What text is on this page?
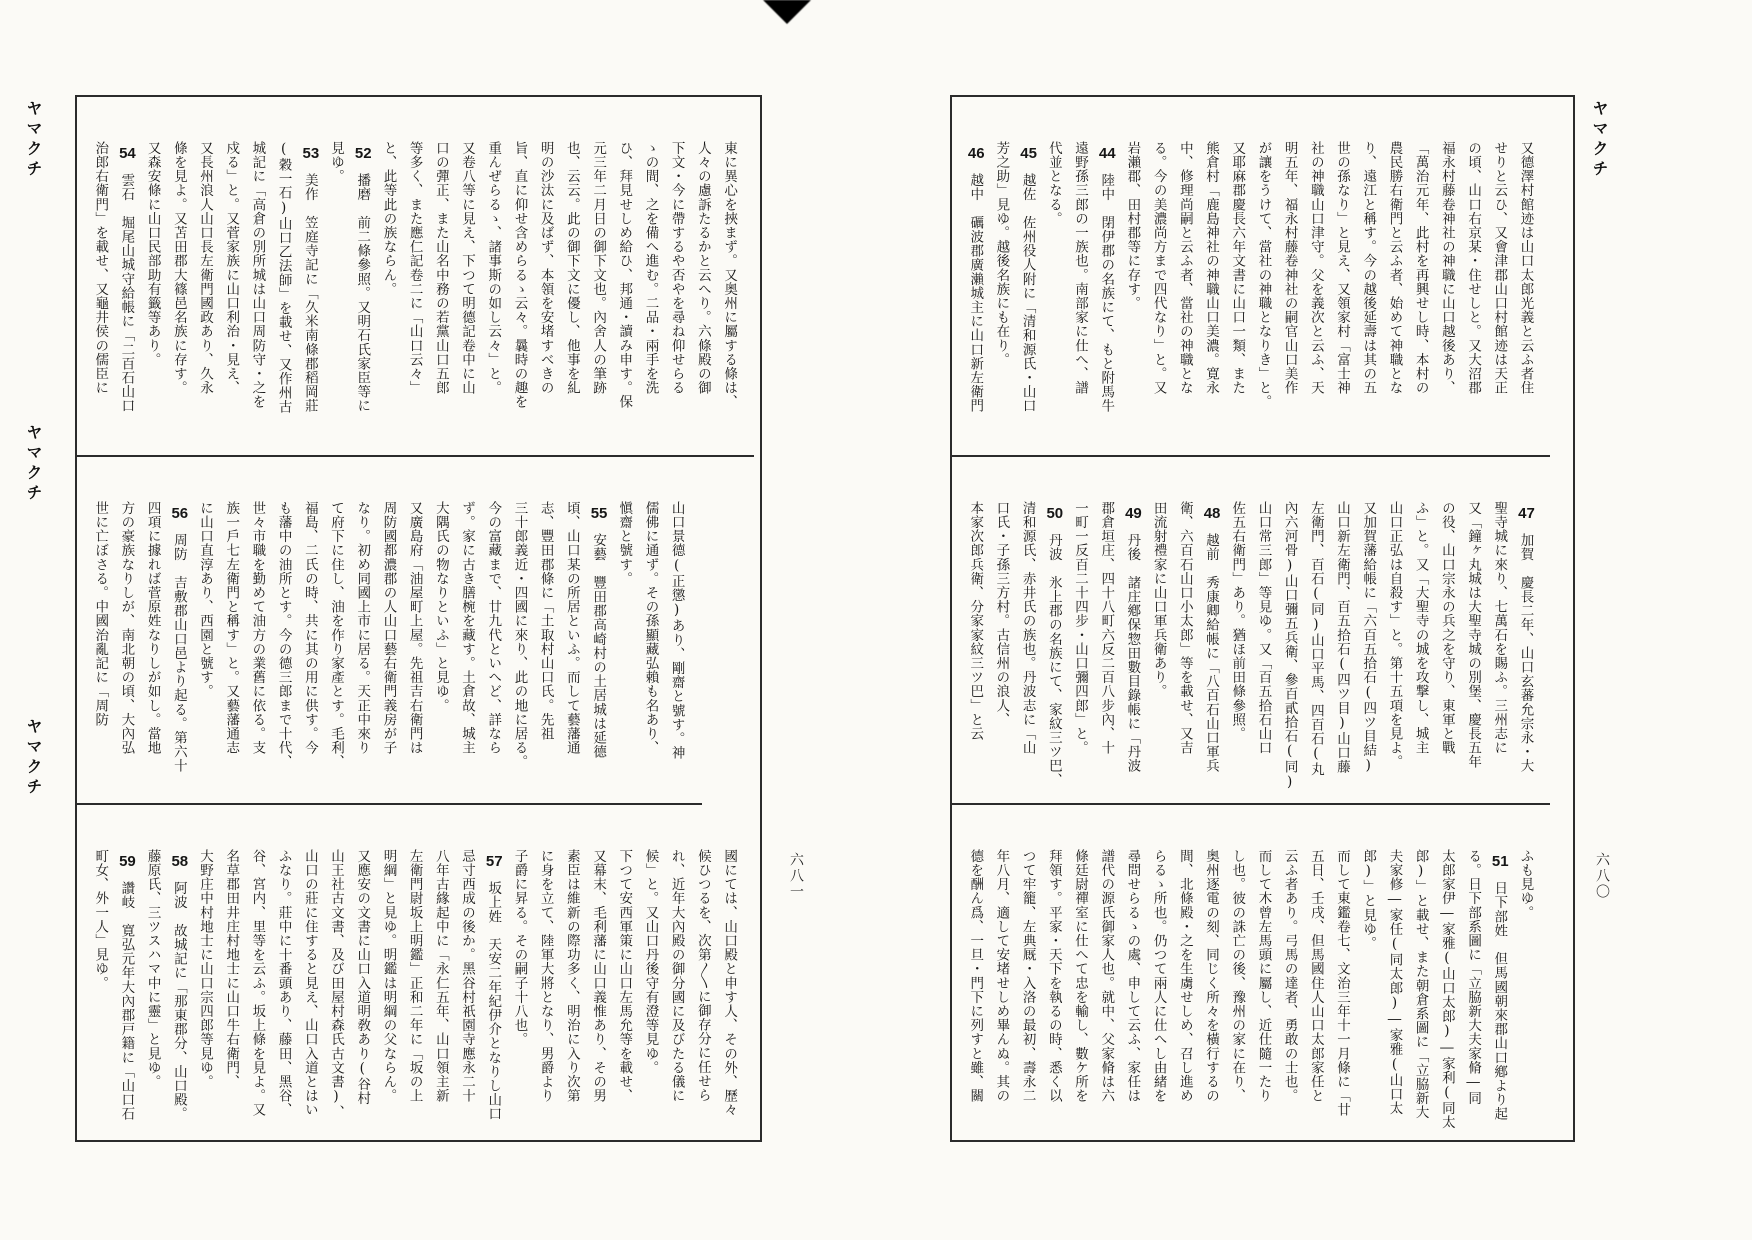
東に異心を挾まず。又奥州に屬する條は、
人々の慮訴たるかと云へり。六條殿の御
下文・今に帶するや否やを尋ね仰せらる
ゝの間、之を備へ進む。二品・兩手を洗
ひ、拜見せしめ給ひ、邦通・讀み申す。保
元三年二月日の御下文也。內舍人の筆跡
也、云云。此の御下文に優し、他事を糺
明の沙汰に及ばず、本領を安堵すべきの
旨、直に仰せ含めらるゝ云々。曩時の趣を
重んぜらるゝ、諸事斯の如し云々」と。
又卷八等に見え、下つて明德記卷中に山
口の彈正、また山名中務の若黨山口五郎
等多く、また應仁記卷二に「山口云々」
と、此等此の族ならん。
52播磨　前二條參照。又明石氏家臣等に
見ゆ。
53美作　笠庭寺記に「久米南條郡稻岡莊
(穀一石)山口乙法師」を載せ、又作州古
城記に「高倉の別所城は山口周防守・之を
戍る」と。又菅家族に山口利治・見え、
又長州浪人山口長左衛門國政あり、久永
條を見よ。又苫田郡大篠邑名族に存す。
又森安條に山口民部助有籤等あり。
54雲石　堀尾山城守給帳に「二百石山口
治郎右衛門」を載せ、又龜井侯の儒臣に
山口景德(正懲)あり、剛齋と號す。神
儒佛に通ず。その孫顯藏弘賴も名あり、
愼齋と號す。
55安藝　豐田郡高崎村の土居城は延德
頃、山口某の所居といふ。而して藝藩通
志、豐田郡條に「土取村山口氏。先祖
三十郎義近・四國に來り、此の地に居る。
今の富藏まで、廿九代といへど、詳なら
ず。家に古き膳椀を藏す。土倉故、城主
大隅氏の物なりといふ」と見ゆ。
又廣島府「油屋町上屋。先祖吉右衛門は
周防國都濃郡の人山口藝右衛門義房が子
なり。初め同國上市に居る。天正中來り
て府下に住し、油を作り家產とす。毛利、
福島、二氏の時、共に其の用に供す。今
も藩中の油所とす。今の德三郎まで十代、
世々市職を勤めて油方の業舊に依る。支
族一戶七左衛門と稱す」と。又藝藩通志
に山口直淳あり、西園と號す。
56周防　吉敷郡山口邑より起る。第六十
四項に據れば菅原姓なりしが如し。當地
方の豪族なりしが、南北朝の頃、大內弘
世に亡ぼさる。中國治亂記に「周防
國にては、山口殿と申す人、その外、歷々
候ひつるを、次第〱に御存分に任せら
れ、近年大內殿の御分國に及びたる儀に
候」と。又山口丹後守有澄等見ゆ。
下つて安西軍策に山口左馬允等を載せ、
又幕末、毛利藩に山口義惟あり、その男
素臣は維新の際功多く、明治に入り次第
に身を立て、陸軍大將となり、男爵より
子爵に昇る。その嗣子十八也。
57坂上姓　天安二年紀伊介となりし山口
忌寸西成の後か。黑谷村祇園寺應永二十
八年古緣起中に「永仁五年、山口領主新
左衛門尉坂上明鑑」正和二年に「坂の上
明綱」と見ゆ。明鑑は明綱の父ならん。
又應安の文書に山口入道明敎あり(谷村
山王社古文書、及び田屋村森氏古文書)、
山口の莊に住すると見え、山口入道とはい
ふなり。莊中に十番頭あり、藤田、黑谷、
谷、宮内、里等を云ふ。坂上條を見よ。又
名草郡田井庄村地士に山口牛右衛門、
大野庄中村地士に山口宗四郎等見ゆ。
58阿波　故城記に「那東郡分、山口殿。
藤原氏、三ツスハマ中に靈」と見ゆ。
59讚岐　寛弘元年大內郡戸籍に「山口石
町女、外一人」見ゆ。
又德澤村館迹は山口太郎光義と云ふ者住
せりと云ひ、又會津郡山口村館迹は天正
の頃、山口右京某・住せしと。又大沼郡
福永村藤卷神社の神職に山口越後あり、
「萬治元年、此村を再興せし時、本村の
農民勝右衛門と云ふ者、始めて神職とな
り、遠江と稱す。今の越後延壽は其の五
世の孫なり」と見え、又領家村「富士神
社の神職山口津守。父を義次と云ふ、天
明五年、福永村藤卷神社の嗣官山口美作
が讓をうけて、當社の神職となりき」と。
又耶麻郡慶長六年文書に山口一類、また
熊倉村「鹿島神社の神職山口美濃。寛永
中、修理尚嗣と云ふ者、當社の神職とな
る。今の美濃尚方まで四代なり」と。又
岩瀨郡、田村郡等に存す。
44陸中　閉伊郡の名族にて、もと附馬牛
遠野孫三郎の一族也。南部家に仕へ、譜
代並となる。
45越佐　佐州役人附に「清和源氏・山口
芳之助」見ゆ。越後名族にも在り。
46越中　礪波郡廣瀨城主に山口新左衛門
47加賀　慶長二年、山口玄蕃允宗永・大
聖寺城に來り、七萬石を賜ふ。三州志に
又「鐘ヶ丸城は大聖寺城の別堡、慶長五年
の役、山口宗永の兵之を守り、東軍と戰
ふ」と。又「大聖寺の城を攻撃し、城主
山口正弘は自殺す」と。第十五項を見よ。
又加賀藩給帳に「六百五拾石(四ツ目結)
山口新左衛門、百五拾石(四ツ目)山口藤
左衛門、百石(同)山口平馬、四百石(丸
內六河骨)山口彌五兵衛、參百貳拾石(同)
山口常三郎」等見ゆ。又「百五拾石山口
佐五右衛門」あり。猶ほ前田條參照。
48越前　秀康卿給帳に「八百石山口軍兵
衛、六百石山口小太郎」等を載せ、又吉
田流射禮家に山口軍兵衛あり。
49丹後　諸庄鄕保惣田數目錄帳に「丹波
郡倉垣庄、四十八町六反二百八步內、十
一町一反百二十四步・山口彌四郎」と。
50丹波　氷上郡の名族にて、家紋三ツ巴、
清和源氏、赤井氏の族也。丹波志に「山
口氏・子孫三方村。古信州の浪人、
本家次郎兵衛、分家家紋三ツ巴」と云
ふも見ゆ。
51日下部姓　但馬國朝來郡山口鄕より起
る。日下部系圖に「立脇新大夫家脩―同
太郎家伊―家雅(山口太郎)―家利(同太
郎)」と載せ、また朝倉系圖に「立脇新大
夫家修―家任(同太郎)―家雅(山口太
郎)」と見ゆ。
而して東鑑卷七、文治三年十一月條に「廿
五日、壬戌、但馬國住人山口太郎家任と
云ふ者あり。弓馬の達者、勇敢の士也。
而して木曾左馬頭に屬し、近仕隨一たり
し也。彼の誅亡の後、豫州の家に在り、
奥州逐電の刻、同じく所々を橫行するの
間、北條殿・之を生虜せしめ、召し進め
らるゝ所也。仍つて兩人に仕へし由緒を
尋問せらるゝの處、申して云ふ、家任は
譜代の源氏御家人也。就中、父家脩は六
條廷尉禪室に仕へて忠を輸し、數ケ所を
拜領す。平家・天下を執るの時、悉く以
つて牢籠、左典厩・入洛の最初、壽永二
年八月、適して安堵せしめ畢んぬ。其の
德を酬ん爲、一旦・門下に列すと雖、關
ヤマクチ
ヤマクチ
ヤマクチ
ヤマクチ
六八一	六八〇
